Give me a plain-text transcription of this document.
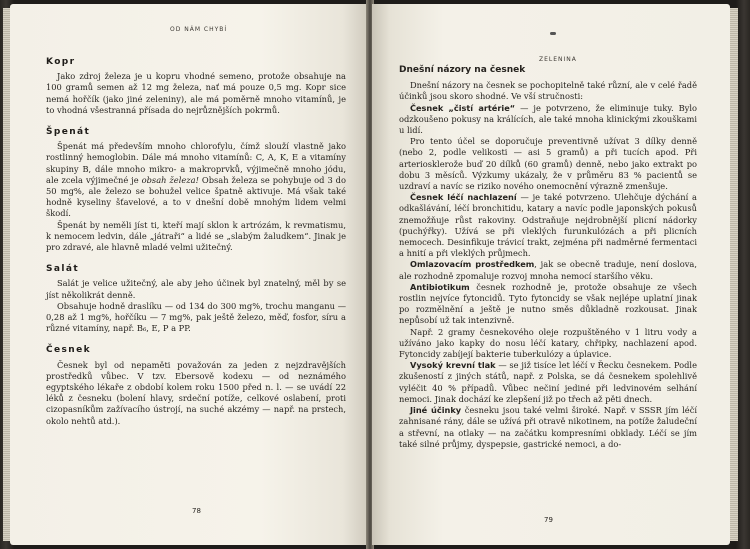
OD NÁM CHYBÍ
Kopr

Jako zdroj železa je u kopru vhodné semeno, protože obsahuje na 100 gramů semen až 12 mg železa, nať má pouze 0,5 mg. Kopr sice nemá hořčík (jako jiné zeleniny), ale má poměrně mnoho vitamínů, je to vhodná všestranná přísada do nejrůznějších pokrmů.

Špenát

Špenát má především mnoho chlorofylu, čímž slouží vlastně jako rostlinný hemoglobin. Dále má mnoho vitamínů: C, A, K, E a vitamíny skupiny B, dále mnoho mikro- a makroprvků, výjimečně mnoho jódu, ale zcela výjimečné je obsah železa! Obsah železa se pohybuje od 3 do 50 mg%, ale železo se bohužel velice špatně aktivuje. Má však také hodně kyseliny šťavelové, a to v dnešní době mnohým lidem velmi škodí.

Špenát by neměli jíst ti, kteří mají sklon k artrózám, k revmatismu, k nemocem ledvin, dále „játraři“ a lidé se „slabým žaludkem“. Jinak je pro zdravé, ale hlavně mladé velmi užitečný.

Salát

Salát je velice užitečný, ale aby jeho účinek byl znatelný, měl by se jíst několikrát denně.

Obsahuje hodně draslíku — od 134 do 300 mg%, trochu manganu — 0,28 až 1 mg%, hořčíku — 7 mg%, pak ještě železo, měď, fosfor, síru a různé vitamíny, např. B₆, E, P a PP.

Česnek

Česnek byl od nepaměti považován za jeden z nejzdravějších prostředků vůbec. V tzv. Ebersově kodexu — od neznámého egyptského lékaře z období kolem roku 1500 před n. l. — se uvádí 22 léků z česneku (bolení hlavy, srdeční potíže, celkové oslabení, proti cizopasníkům zažívacího ústrojí, na suché akzémy — např. na prstech, okolo nehtů atd.).

78
ZELENINA
Dnešní názory na česnek

Dnešní názory na česnek se pochopitelně také různí, ale v celé řadě účinků jsou skoro shodné. Ve vší stručnosti:

Česnek „čistí artérie“ — je potvrzeno, že eliminuje tuky. Bylo odzkoušeno pokusy na králících, ale také mnoha klinickými zkouškami u lidí.

Pro tento účel se doporučuje preventivně užívat 3 dílky denně (nebo 2, podle velikosti — asi 5 gramů) a při tucích apod. Při arteriosklerože buď 20 dílků (60 gramů) denně, nebo jako extrakt po dobu 3 měsíců. Výzkumy ukázaly, že v průměru 83 % pacientů se uzdraví a navíc se riziko nového onemocnění výrazně zmenšuje.

Česnek léčí nachlazení — je také potvrzeno. Ulehčuje dýchání a odkašlávání, léčí bronchitidu, katary a navíc podle japonských pokusů znemožňuje růst rakoviny. Odstraňuje nejdrobnější plicní nádorky (puchýřky). Užívá se při vleklých furunkulózách a při plicních nemocech. Desinfikuje trávicí trakt, zejména při nadměrné fermentaci a hnití a při vleklých průjmech.

Omlazovacím prostředkem, jak se obecně traduje, není doslova, ale rozhodně zpomaluje rozvoj mnoha nemocí staršího věku.

Antibiotikum česnek rozhodně je, protože obsahuje ze všech rostlin nejvíce fytoncidů. Tyto fytoncidy se však nejlépe uplatní jinak po rozmělnění a ještě je nutno směs důkladně rozkousat. Jinak nepůsobí už tak intenzivně.

Např. 2 gramy česnekového oleje rozpuštěného v 1 litru vody a užíváno jako kapky do nosu léčí katary, chřipky, nachlazení apod. Fytoncidy zabíjejí bakterie tuberkulózy a úplavice.

Vysoký krevní tlak — se již tisíce let léčí v Řecku česnekem. Podle zkušeností z jiných států, např. z Polska, se dá česnekem spolehlivě vyléčit 40 % případů. Vůbec nečiní jediné při ledvinovém selhání nemoci. Jinak dochází ke zlepšení již po třech až pěti dnech.

Jiné účinky česneku jsou také velmi široké. Např. v SSSR jím léčí zahnisané rány, dále se užívá při otravě nikotinem, na potíže žaludeční a střevní, na otlaky — na začátku kompresními obklady. Léčí se jím také silné průjmy, dyspepsie, gastrické nemoci, a do-

79
